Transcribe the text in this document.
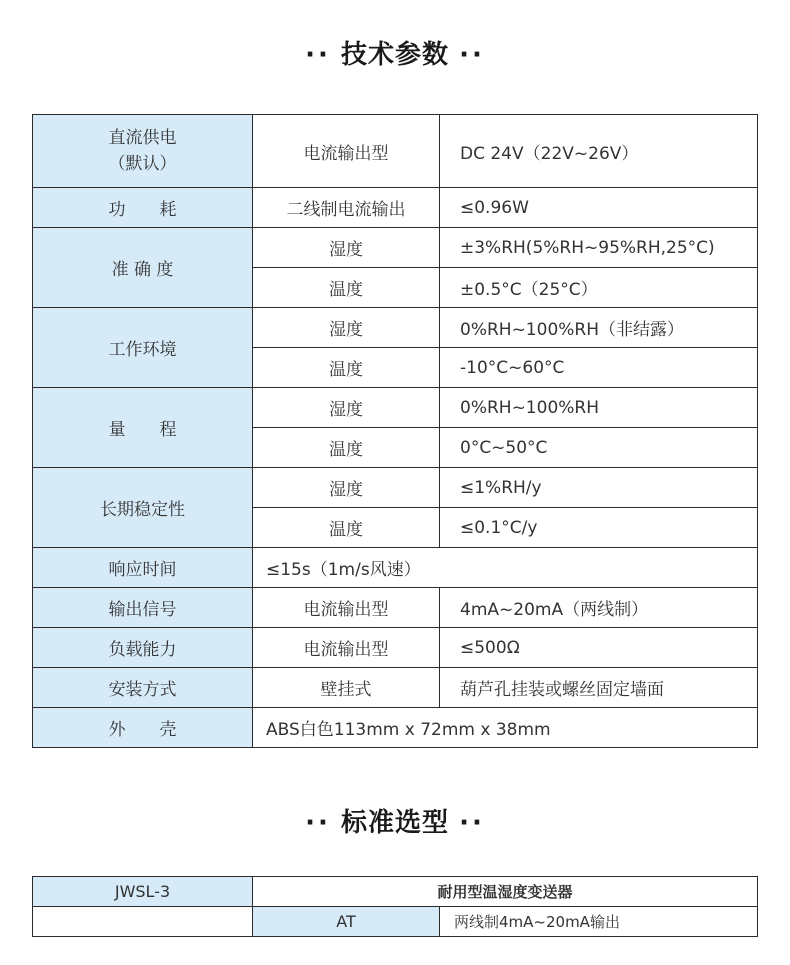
·· 技术参数 ··
直流供电
（默认）	电流输出型	DC 24V（22V~26V）
功　　耗	二线制电流输出	≤0.96W
准 确 度	湿度	±3%RH(5%RH~95%RH,25°C)
	温度	±0.5°C（25°C）
工作环境	湿度	0%RH~100%RH（非结露）
	温度	-10°C~60°C
量　　程	湿度	0%RH~100%RH
	温度	0°C~50°C
长期稳定性	湿度	≤1%RH/y
	温度	≤0.1°C/y
响应时间	≤15s（1m/s风速）	
输出信号	电流输出型	4mA~20mA（两线制）
负载能力	电流输出型	≤500Ω
安装方式	壁挂式	葫芦孔挂装或螺丝固定墙面
外　　壳	ABS白色113mm x 72mm x 38mm	
·· 标准选型 ··
JWSL-3	耐用型温湿度变送器	
	AT	两线制4mA~20mA输出
